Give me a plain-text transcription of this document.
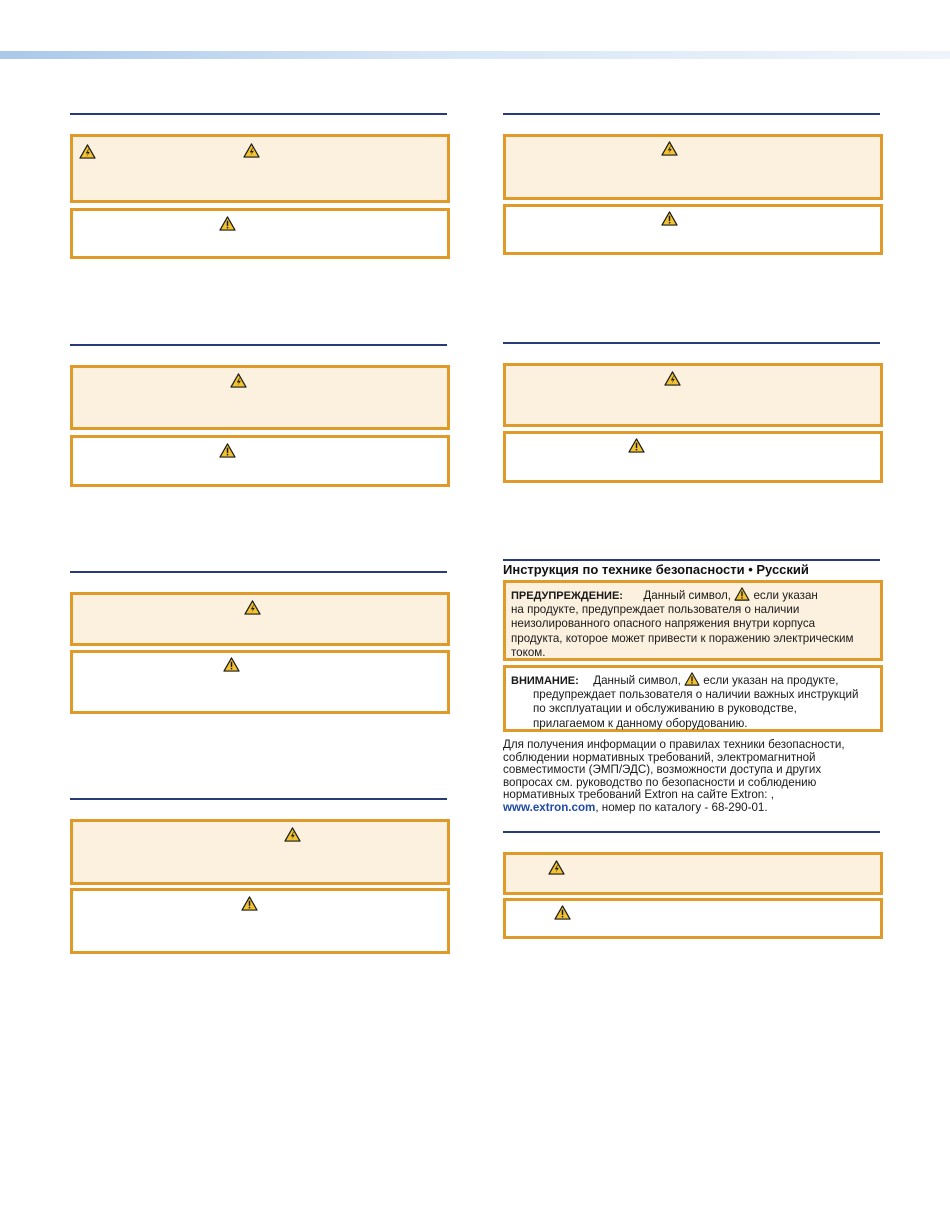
Инструкция по технике безопасности • Русский
ПРЕДУПРЕЖДЕНИЕ: Данный символ, если указан
на продукте, предупреждает пользователя о наличии
неизолированного опасного напряжения внутри корпуса
продукта, которое может привести к поражению электрическим
током.
ВНИМАНИЕ: Данный символ, если указан на продукте,
предупреждает пользователя о наличии важных инструкций
по эксплуатации и обслуживанию в руководстве,
прилагаемом к данному оборудованию.
Для получения информации о правилах техники безопасности,
соблюдении нормативных требований, электромагнитной
совместимости (ЭМП/ЭДС), возможности доступа и других
вопросах см. руководство по безопасности и соблюдению
нормативных требований Extron на сайте Extron: ,
www.extron.com, номер по каталогу - 68-290-01.
